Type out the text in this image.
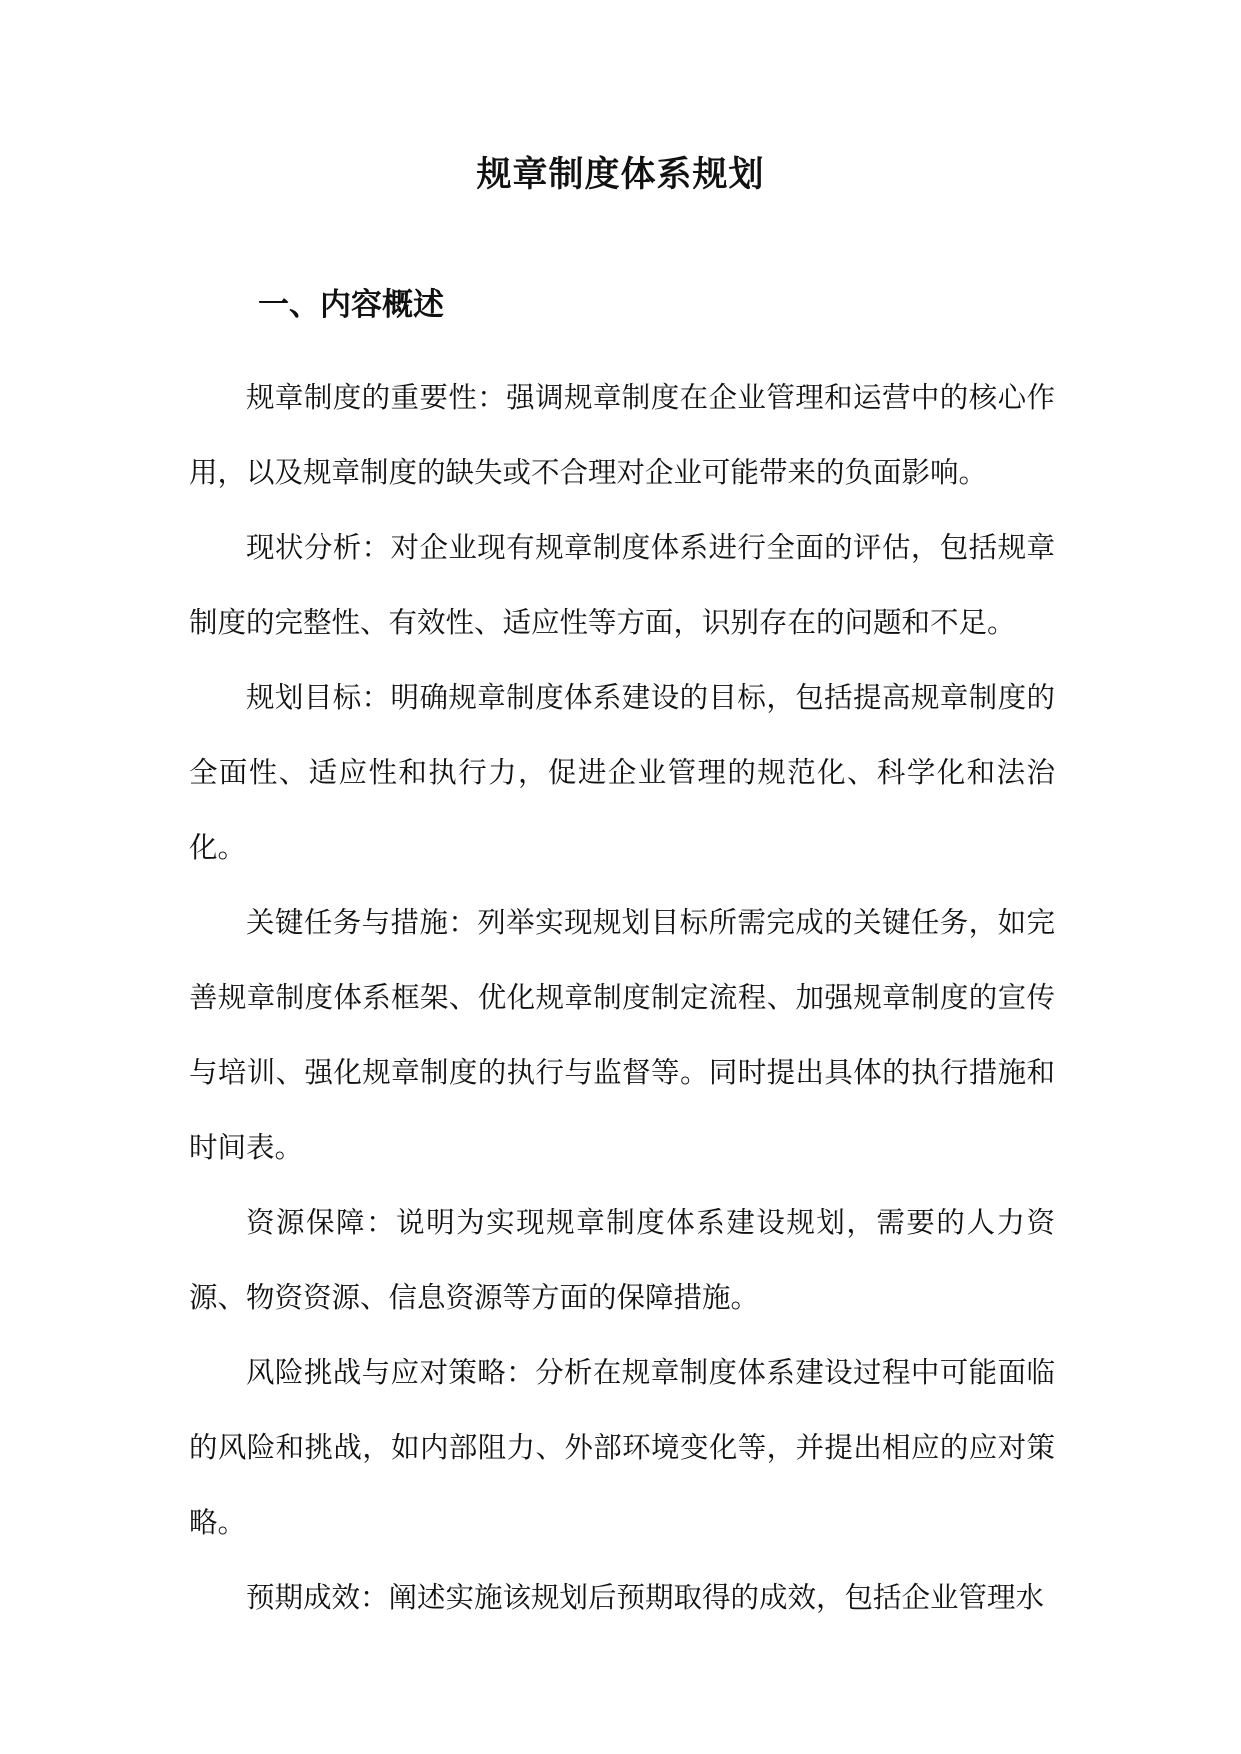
规章制度体系规划
一、内容概述

规章制度的重要性：强调规章制度在企业管理和运营中的核心作用，以及规章制度的缺失或不合理对企业可能带来的负面影响。

现状分析：对企业现有规章制度体系进行全面的评估，包括规章制度的完整性、有效性、适应性等方面，识别存在的问题和不足。

规划目标：明确规章制度体系建设的目标，包括提高规章制度的全面性、适应性和执行力，促进企业管理的规范化、科学化和法治化。

关键任务与措施：列举实现规划目标所需完成的关键任务，如完善规章制度体系框架、优化规章制度制定流程、加强规章制度的宣传与培训、强化规章制度的执行与监督等。同时提出具体的执行措施和时间表。

资源保障：说明为实现规章制度体系建设规划，需要的人力资源、物资资源、信息资源等方面的保障措施。

风险挑战与应对策略：分析在规章制度体系建设过程中可能面临的风险和挑战，如内部阻力、外部环境变化等，并提出相应的应对策略。

预期成效：阐述实施该规划后预期取得的成效，包括企业管理水
